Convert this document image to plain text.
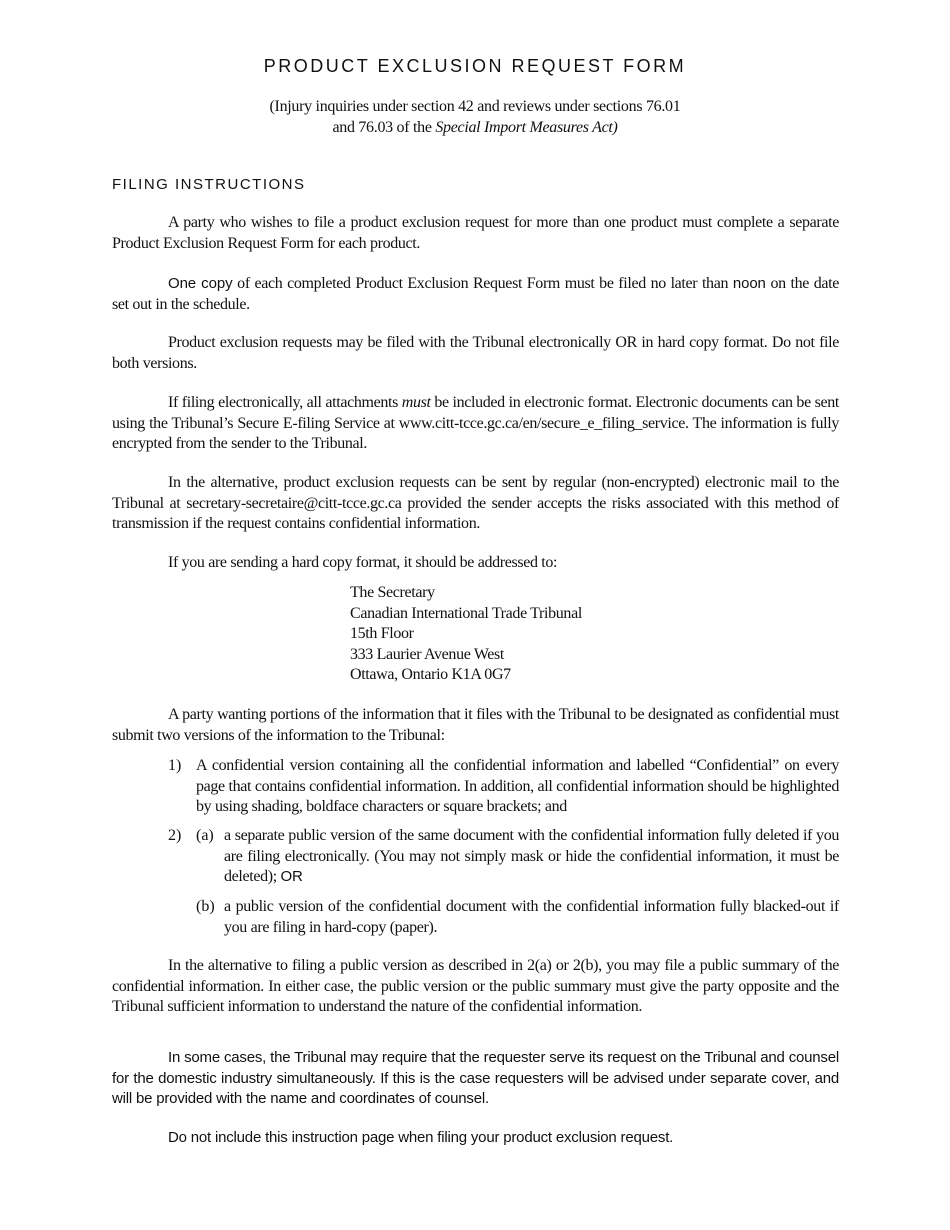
PRODUCT EXCLUSION REQUEST FORM
(Injury inquiries under section 42 and reviews under sections 76.01
and 76.03 of the Special Import Measures Act)
FILING INSTRUCTIONS

A party who wishes to file a product exclusion request for more than one product must complete a separate Product Exclusion Request Form for each product.

One copy of each completed Product Exclusion Request Form must be filed no later than noon on the date set out in the schedule.

Product exclusion requests may be filed with the Tribunal electronically OR in hard copy format. Do not file both versions.

If filing electronically, all attachments must be included in electronic format. Electronic documents can be sent using the Tribunal’s Secure E-filing Service at www.citt-tcce.gc.ca/en/secure_e_filing_service. The information is fully encrypted from the sender to the Tribunal.

In the alternative, product exclusion requests can be sent by regular (non-encrypted) electronic mail to the Tribunal at secretary-secretaire@citt-tcce.gc.ca provided the sender accepts the risks associated with this method of transmission if the request contains confidential information.

If you are sending a hard copy format, it should be addressed to:

The Secretary
Canadian International Trade Tribunal
15th Floor
333 Laurier Avenue West
Ottawa, Ontario K1A 0G7

A party wanting portions of the information that it files with the Tribunal to be designated as confidential must submit two versions of the information to the Tribunal:

1) A confidential version containing all the confidential information and labelled “Confidential” on every page that contains confidential information. In addition, all confidential information should be highlighted by using shading, boldface characters or square brackets; and

2) (a) a separate public version of the same document with the confidential information fully deleted if you are filing electronically. (You may not simply mask or hide the confidential information, it must be deleted); OR

(b) a public version of the confidential document with the confidential information fully blacked-out if you are filing in hard-copy (paper).

In the alternative to filing a public version as described in 2(a) or 2(b), you may file a public summary of the confidential information. In either case, the public version or the public summary must give the party opposite and the Tribunal sufficient information to understand the nature of the confidential information.

In some cases, the Tribunal may require that the requester serve its request on the Tribunal and counsel for the domestic industry simultaneously. If this is the case requesters will be advised under separate cover, and will be provided with the name and coordinates of counsel.

Do not include this instruction page when filing your product exclusion request.
